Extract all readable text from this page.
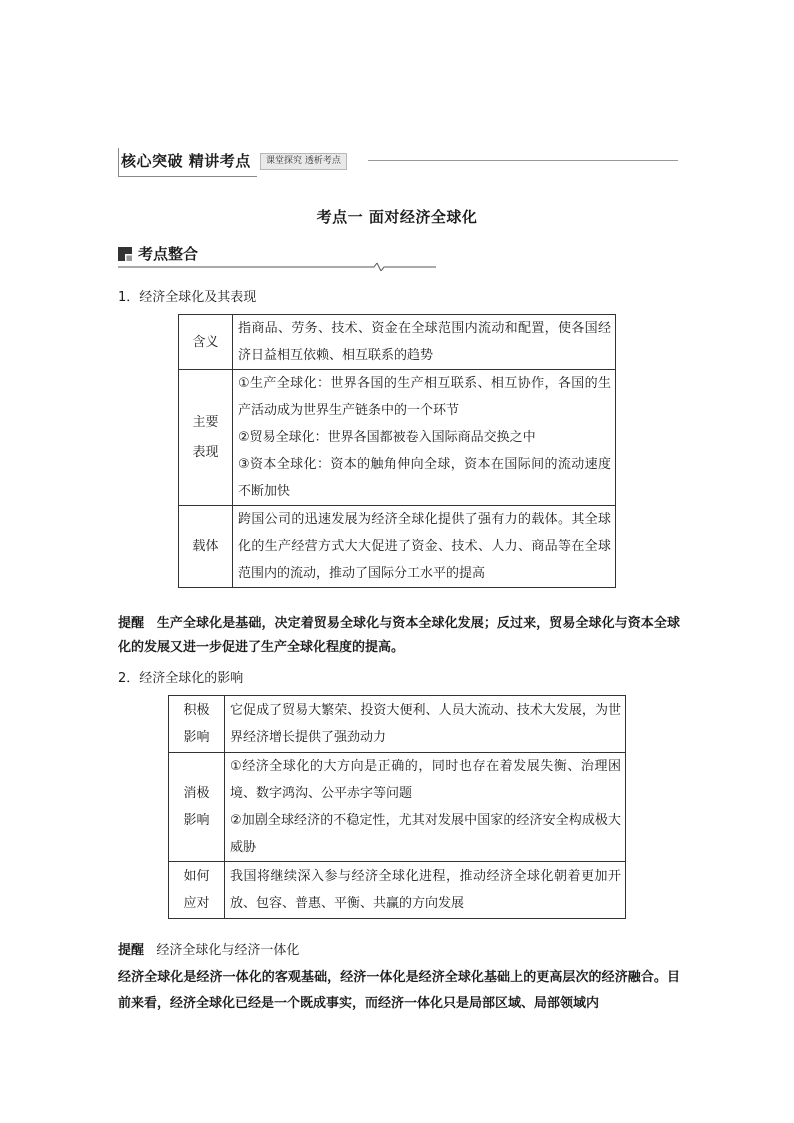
核心突破 精讲考点	课堂探究 透析考点
考点一 面对经济全球化
考点整合
1．经济全球化及其表现
含义	指商品、劳务、技术、资金在全球范围内流动和配置，使各国经济日益相互依赖、相互联系的趋势

主要表现	①生产全球化：世界各国的生产相互联系、相互协作，各国的生产活动成为世界生产链条中的一个环节
②贸易全球化：世界各国都被卷入国际商品交换之中
③资本全球化：资本的触角伸向全球，资本在国际间的流动速度不断加快

载体	跨国公司的迅速发展为经济全球化提供了强有力的载体。其全球化的生产经营方式大大促进了资金、技术、人力、商品等在全球范围内的流动，推动了国际分工水平的提高
提醒 生产全球化是基础，决定着贸易全球化与资本全球化发展；反过来，贸易全球化与资本全球化的发展又进一步促进了生产全球化程度的提高。
2．经济全球化的影响
积极影响	它促成了贸易大繁荣、投资大便利、人员大流动、技术大发展，为世界经济增长提供了强劲动力

消极影响	①经济全球化的大方向是正确的，同时也存在着发展失衡、治理困境、数字鸿沟、公平赤字等问题
②加剧全球经济的不稳定性，尤其对发展中国家的经济安全构成极大威胁

如何应对	我国将继续深入参与经济全球化进程，推动经济全球化朝着更加开放、包容、普惠、平衡、共赢的方向发展
提醒 经济全球化与经济一体化
经济全球化是经济一体化的客观基础，经济一体化是经济全球化基础上的更高层次的经济融合。目前来看，经济全球化已经是一个既成事实，而经济一体化只是局部区域、局部领域内
